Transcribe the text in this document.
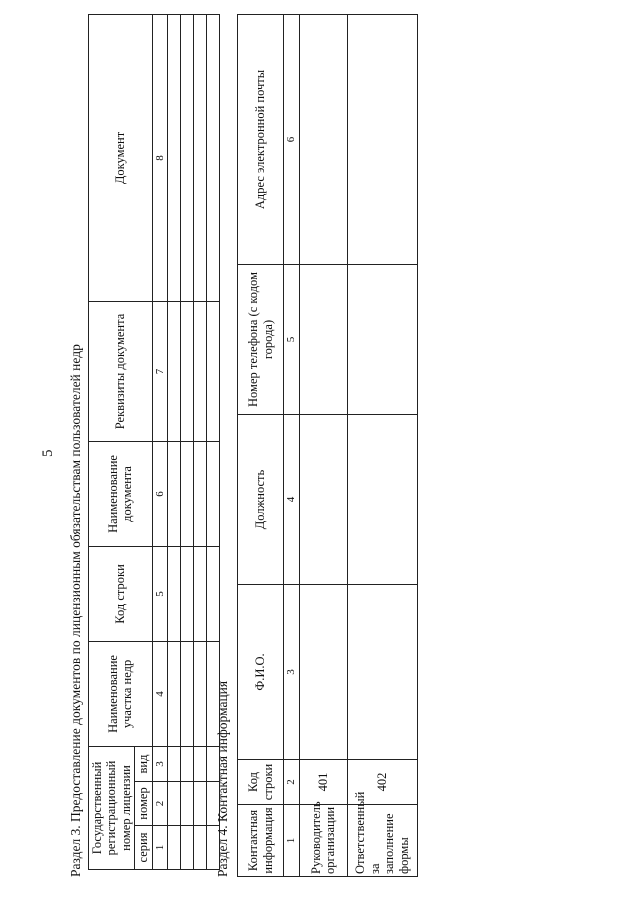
5 Раздел 3. Предоставление документов по лицензионным обязательствам пользователей недр Государственный регистрационный номер лицензии			Наименование участка недр	Код строки	Наименование документа	Реквизиты документа	Документ
серия	номер	вид					
1	2	3	4	5	6	7	8

Раздел 4. Контактная информация Контактная информация	Код строки	Ф.И.О.	Должность	Номер телефона (с кодом города)	Адрес электронной почты
1	2	3	4	5	6
Руководитель организации	401				
Ответственный за заполнение формы	402				
